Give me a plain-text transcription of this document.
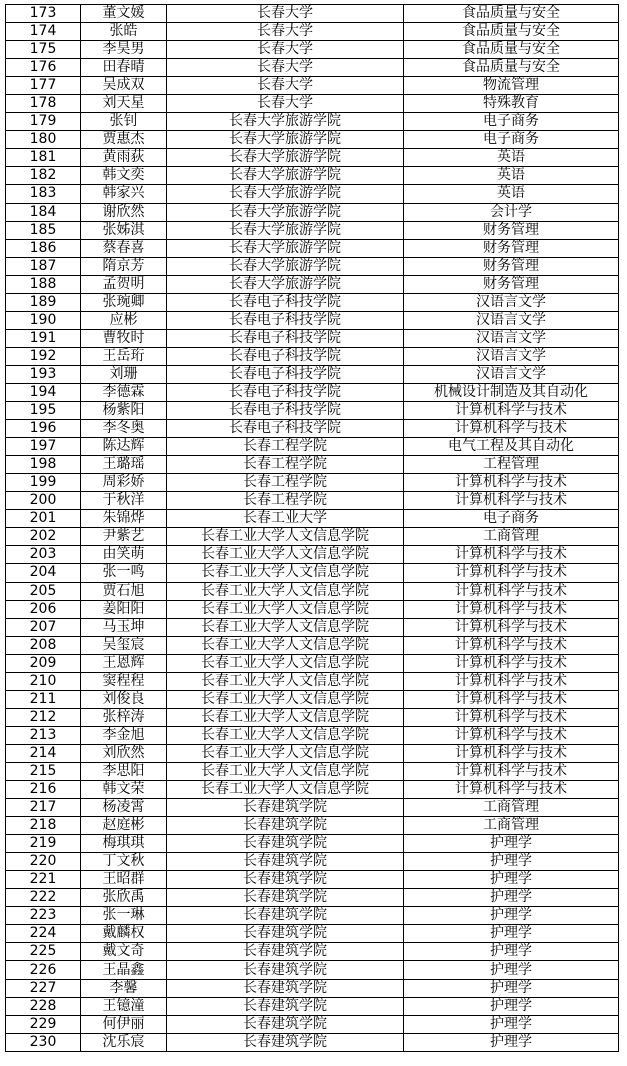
173	董文媛	长春大学	食品质量与安全
174	张皓	长春大学	食品质量与安全
175	李昊男	长春大学	食品质量与安全
176	田春晴	长春大学	食品质量与安全
177	吴成双	长春大学	物流管理
178	刘天星	长春大学	特殊教育
179	张钊	长春大学旅游学院	电子商务
180	贾惠杰	长春大学旅游学院	电子商务
181	黄雨荻	长春大学旅游学院	英语
182	韩文奕	长春大学旅游学院	英语
183	韩家兴	长春大学旅游学院	英语
184	谢欣然	长春大学旅游学院	会计学
185	张姊淇	长春大学旅游学院	财务管理
186	蔡春喜	长春大学旅游学院	财务管理
187	隋京芳	长春大学旅游学院	财务管理
188	孟贺明	长春大学旅游学院	财务管理
189	张琬卿	长春电子科技学院	汉语言文学
190	应彬	长春电子科技学院	汉语言文学
191	曹牧时	长春电子科技学院	汉语言文学
192	王岳珩	长春电子科技学院	汉语言文学
193	刘珊	长春电子科技学院	汉语言文学
194	李德霖	长春电子科技学院	机械设计制造及其自动化
195	杨紫阳	长春电子科技学院	计算机科学与技术
196	李冬奥	长春电子科技学院	计算机科学与技术
197	陈达辉	长春工程学院	电气工程及其自动化
198	王璐瑶	长春工程学院	工程管理
199	周彩娇	长春工程学院	计算机科学与技术
200	于秋洋	长春工程学院	计算机科学与技术
201	朱锦烨	长春工业大学	电子商务
202	尹紫艺	长春工业大学人文信息学院	工商管理
203	由笑萌	长春工业大学人文信息学院	计算机科学与技术
204	张一鸣	长春工业大学人文信息学院	计算机科学与技术
205	贾石旭	长春工业大学人文信息学院	计算机科学与技术
206	姜阳阳	长春工业大学人文信息学院	计算机科学与技术
207	马玉坤	长春工业大学人文信息学院	计算机科学与技术
208	吴玺宸	长春工业大学人文信息学院	计算机科学与技术
209	王恩辉	长春工业大学人文信息学院	计算机科学与技术
210	窦程程	长春工业大学人文信息学院	计算机科学与技术
211	刘俊良	长春工业大学人文信息学院	计算机科学与技术
212	张梓涛	长春工业大学人文信息学院	计算机科学与技术
213	李金旭	长春工业大学人文信息学院	计算机科学与技术
214	刘欣然	长春工业大学人文信息学院	计算机科学与技术
215	李思阳	长春工业大学人文信息学院	计算机科学与技术
216	韩文荣	长春工业大学人文信息学院	计算机科学与技术
217	杨凌霄	长春建筑学院	工商管理
218	赵庭彬	长春建筑学院	工商管理
219	梅琪琪	长春建筑学院	护理学
220	丁文秋	长春建筑学院	护理学
221	王昭群	长春建筑学院	护理学
222	张欣禹	长春建筑学院	护理学
223	张一琳	长春建筑学院	护理学
224	戴麟权	长春建筑学院	护理学
225	戴文奇	长春建筑学院	护理学
226	王晶鑫	长春建筑学院	护理学
227	李馨	长春建筑学院	护理学
228	王镱潼	长春建筑学院	护理学
229	何伊丽	长春建筑学院	护理学
230	沈乐宸	长春建筑学院	护理学
